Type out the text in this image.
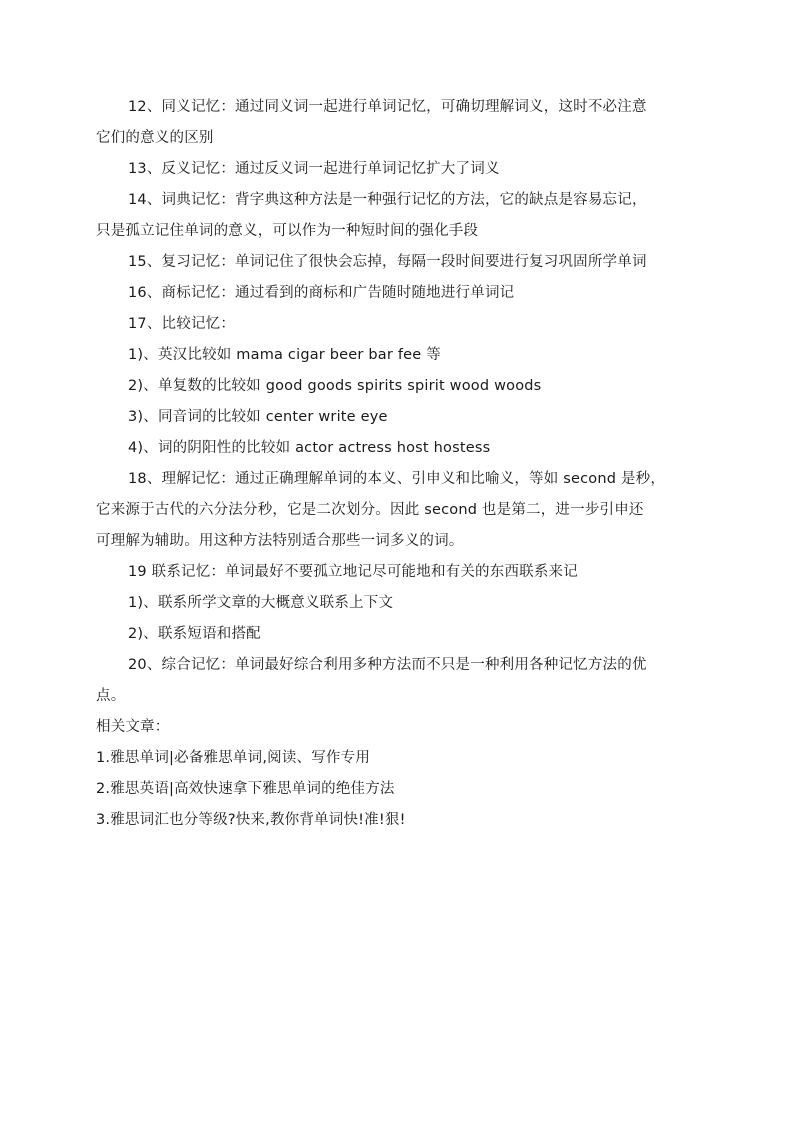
12、同义记忆：通过同义词一起进行单词记忆，可确切理解词义，这时不必注意
它们的意义的区别
13、反义记忆：通过反义词一起进行单词记忆扩大了词义
14、词典记忆：背字典这种方法是一种强行记忆的方法，它的缺点是容易忘记，
只是孤立记住单词的意义，可以作为一种短时间的强化手段
15、复习记忆：单词记住了很快会忘掉，每隔一段时间要进行复习巩固所学单词
16、商标记忆：通过看到的商标和广告随时随地进行单词记
17、比较记忆：
1)、英汉比较如 mama cigar beer bar fee 等
2)、单复数的比较如 good goods spirits spirit wood woods
3)、同音词的比较如 center write eye
4)、词的阴阳性的比较如 actor actress host hostess
18、理解记忆：通过正确理解单词的本义、引申义和比喻义，等如 second 是秒，
它来源于古代的六分法分秒，它是二次划分。因此 second 也是第二，进一步引申还
可理解为辅助。用这种方法特别适合那些一词多义的词。
19 联系记忆：单词最好不要孤立地记尽可能地和有关的东西联系来记
1)、联系所学文章的大概意义联系上下文
2)、联系短语和搭配
20、综合记忆：单词最好综合利用多种方法而不只是一种利用各种记忆方法的优
点。
相关文章：
1.雅思单词|必备雅思单词,阅读、写作专用
2.雅思英语|高效快速拿下雅思单词的绝佳方法
3.雅思词汇也分等级?快来,教你背单词快!准!狠!
